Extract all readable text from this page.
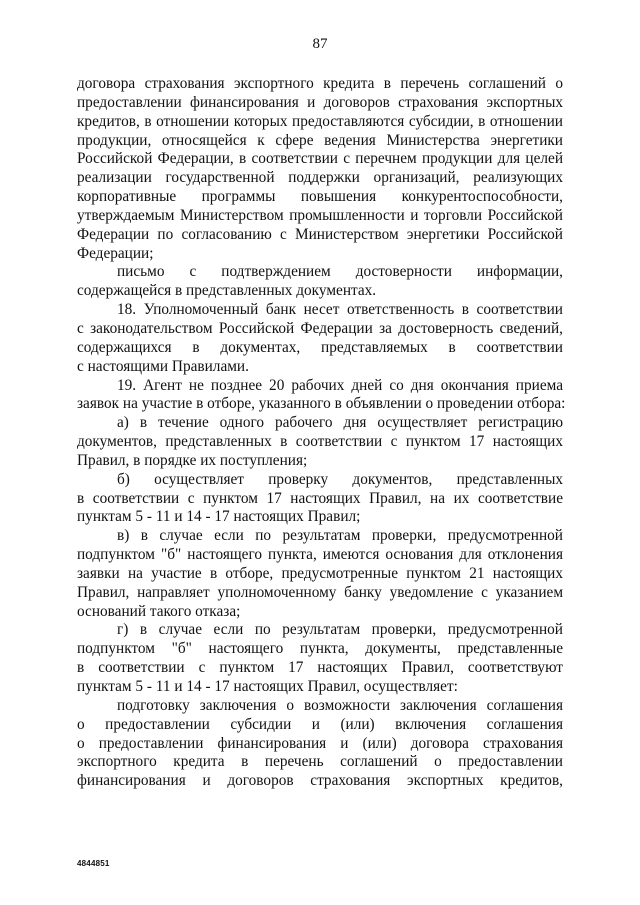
87
договора страхования экспортного кредита в перечень соглашений о
предоставлении финансирования и договоров страхования экспортных
кредитов, в отношении которых предоставляются субсидии, в отношении
продукции, относящейся к сфере ведения Министерства энергетики
Российской Федерации, в соответствии с перечнем продукции для целей
реализации государственной поддержки организаций, реализующих
корпоративные программы повышения конкурентоспособности,
утверждаемым Министерством промышленности и торговли Российской
Федерации по согласованию с Министерством энергетики Российской
Федерации;
письмо с подтверждением достоверности информации,
содержащейся в представленных документах.
18. Уполномоченный банк несет ответственность в соответствии
с законодательством Российской Федерации за достоверность сведений,
содержащихся в документах, представляемых в соответствии
с настоящими Правилами.
19. Агент не позднее 20 рабочих дней со дня окончания приема
заявок на участие в отборе, указанного в объявлении о проведении отбора:
а) в течение одного рабочего дня осуществляет регистрацию
документов, представленных в соответствии с пунктом 17 настоящих
Правил, в порядке их поступления;
б) осуществляет проверку документов, представленных
в соответствии с пунктом 17 настоящих Правил, на их соответствие
пунктам 5 - 11 и 14 - 17 настоящих Правил;
в) в случае если по результатам проверки, предусмотренной
подпунктом "б" настоящего пункта, имеются основания для отклонения
заявки на участие в отборе, предусмотренные пунктом 21 настоящих
Правил, направляет уполномоченному банку уведомление с указанием
оснований такого отказа;
г) в случае если по результатам проверки, предусмотренной
подпунктом "б" настоящего пункта, документы, представленные
в соответствии с пунктом 17 настоящих Правил, соответствуют
пунктам 5 - 11 и 14 - 17 настоящих Правил, осуществляет:
подготовку заключения о возможности заключения соглашения
о предоставлении субсидии и (или) включения соглашения
о предоставлении финансирования и (или) договора страхования
экспортного кредита в перечень соглашений о предоставлении
финансирования и договоров страхования экспортных кредитов,
4844851
